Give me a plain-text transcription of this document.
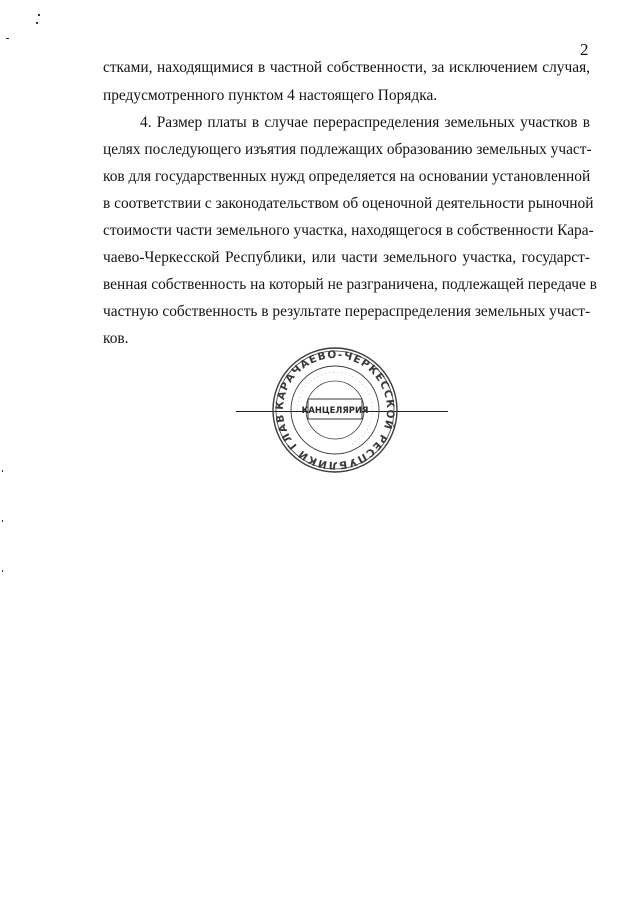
2
стками, находящимися в частной собственности, за исключением случая,
предусмотренного пунктом 4 настоящего Порядка.
4. Размер платы в случае перераспределения земельных участков в
целях последующего изъятия подлежащих образованию земельных участ-
ков для государственных нужд определяется на основании установленной
в соответствии с законодательством об оценочной деятельности рыночной
стоимости части земельного участка, находящегося в собственности Кара-
чаево-Черкесской Республики, или части земельного участка, государст-
венная собственность на который не разграничена, подлежащей передаче в
частную собственность в результате перераспределения земельных участ-
ков.
КАРАЧАЕВО-ЧЕРКЕССКОЙ РЕСПУБЛИКИ ГЛАВ
· · · · · · · · · · · · · · · · · · · · · · · · · · · · · · · · · · · · · · · ·
КАНЦЕЛЯРИЯ
